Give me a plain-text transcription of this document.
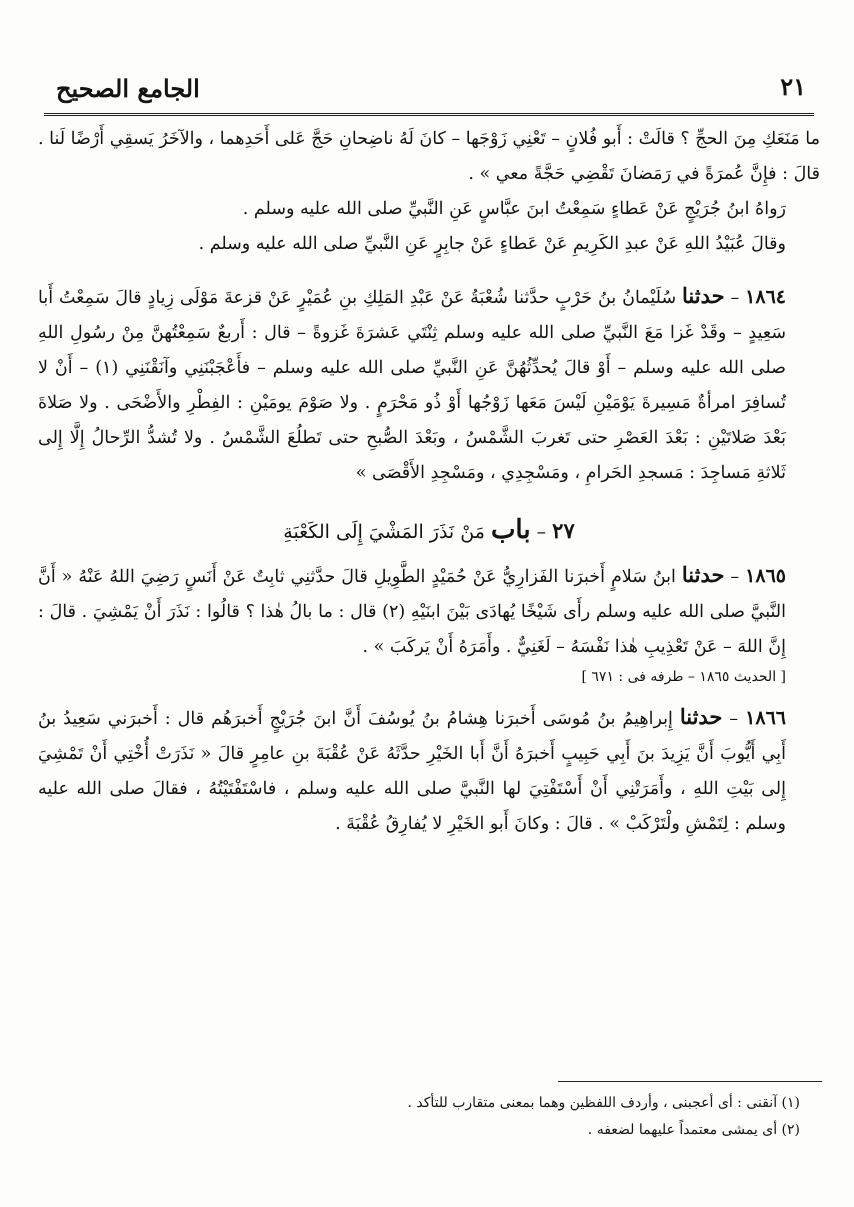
٢١
الجامع الصحيح

ما مَنَعَكِ مِنَ الحجِّ ؟ قالَتْ : أَبو فُلانٍ – تَعْنِي زَوْجَها – كانَ لَهُ ناضِحانِ حَجَّ عَلى أَحَدِهما ، والآخَرُ يَسقِي أَرْضًا لَنا . قالَ : فإِنَّ عُمرَةً في رَمَضانَ تَقْضِي حَجَّةً معي » .

رَواهُ ابنُ جُرَيْجٍ عَنْ عَطاءٍ سَمِعْتُ ابنَ عبَّاسٍ عَنِ النَّبيِّ صلى الله عليه وسلم .

وقالَ عُبَيْدُ اللهِ عَنْ عبدِ الكَرِيمِ عَنْ عَطاءٍ عَنْ جابِرٍ عَنِ النَّبيِّ صلى الله عليه وسلم .

١٨٦٤ – حدثنا سُلَيْمانُ بنُ حَرْبٍ حدَّثنا شُعْبَةُ عَنْ عَبْدِ المَلِكِ بنِ عُمَيْرٍ عَنْ قزعةَ مَوْلَى زِيادٍ قالَ سَمِعْتُ أَبا سَعِيدٍ – وقَدْ غَزا مَعَ النَّبيِّ صلى الله عليه وسلم ثِنْتَي عَشرَةَ غَزوةً – قال : أَربعٌ سَمِعْتُهنَّ مِنْ رسُولِ اللهِ صلى الله عليه وسلم – أَوْ قالَ يُحدِّثُهُنَّ عَنِ النَّبيِّ صلى الله عليه وسلم – فأَعْجَبْنَنِي وآنَقْنَنِي (١) – أَنْ لا تُسافِرَ امرأةٌ مَسِيرةَ يَوْمَيْنِ لَيْسَ مَعَها زَوْجُها أَوْ ذُو مَحْرَمٍ . ولا صَوْمَ يومَيْنِ : الفِطْرِ والأَضْحَى . ولا صَلاةَ بَعْدَ صَلاتَيْنِ : بَعْدَ العَصْرِ حتى تَغربَ الشَّمْسُ ، وبَعْدَ الصُّبحِ حتى تَطلُعَ الشَّمْسُ . ولا تُشدُّ الرِّحالُ إِلَّا إِلى ثَلاثةِ مَساجِدَ : مَسجدِ الحَرامِ ، ومَسْجِدِي ، ومَسْجِدِ الأَقْصَى »

٢٧ – باب مَنْ نَذَرَ المَشْيَ إِلَى الكَعْبَةِ

١٨٦٥ – حدثنا ابنُ سَلامٍ أَخبرَنا الفَزارِيُّ عَنْ حُمَيْدٍ الطَّوِيلِ قالَ حدَّثنِي ثابِتٌ عَنْ أَنَسٍ رَضِيَ اللهُ عَنْهُ « أَنَّ النَّبيَّ صلى الله عليه وسلم رأَى شَيْخًا يُهادَى بَيْنَ ابنَيْهِ (٢) قال : ما بالُ هٰذا ؟ قالُوا : نَذَرَ أَنْ يَمْشِيَ . قالَ : إِنَّ اللهَ – عَنْ تَعْذِيبِ هٰذا نَفْسَهُ – لَغَنِيٌّ . وأَمَرَهُ أَنْ يَركَبَ » .

[ الحديث ١٨٦٥ – طرفه فى : ٦٧١ ]

١٨٦٦ – حدثنا إِبراهِيمُ بنُ مُوسَى أَخبرَنا هِشامُ بنُ يُوسُفَ أَنَّ ابنَ جُرَيْجٍ أَخبرَهُم قال : أَخبرَني سَعِيدُ بنُ أَبِي أَيُّوبَ أَنَّ يَزِيدَ بنَ أَبِي حَبِيبٍ أَخبرَهُ أَنَّ أَبا الخَيْرِ حدَّثَهُ عَنْ عُقْبَةَ بنِ عامِرٍ قالَ « نَذَرَتْ أُخْتِي أَنْ تَمْشِيَ إِلى بَيْتِ اللهِ ، وأَمَرَتْنِي أَنْ أَسْتَفْتِيَ لها النَّبيَّ صلى الله عليه وسلم ، فاسْتَفْتَيْتُهُ ، فقالَ صلى الله عليه وسلم : لِتَمْشِ ولْتَرْكَبْ » . قالَ : وكانَ أَبو الخَيْرِ لا يُفارِقُ عُقْبَةَ .

(١) آنقنى : أى أعجبنى ، وأردف اللفظين وهما بمعنى متقارب للتأكد .

(٢) أى يمشى معتمداً عليهما لضعفه .
